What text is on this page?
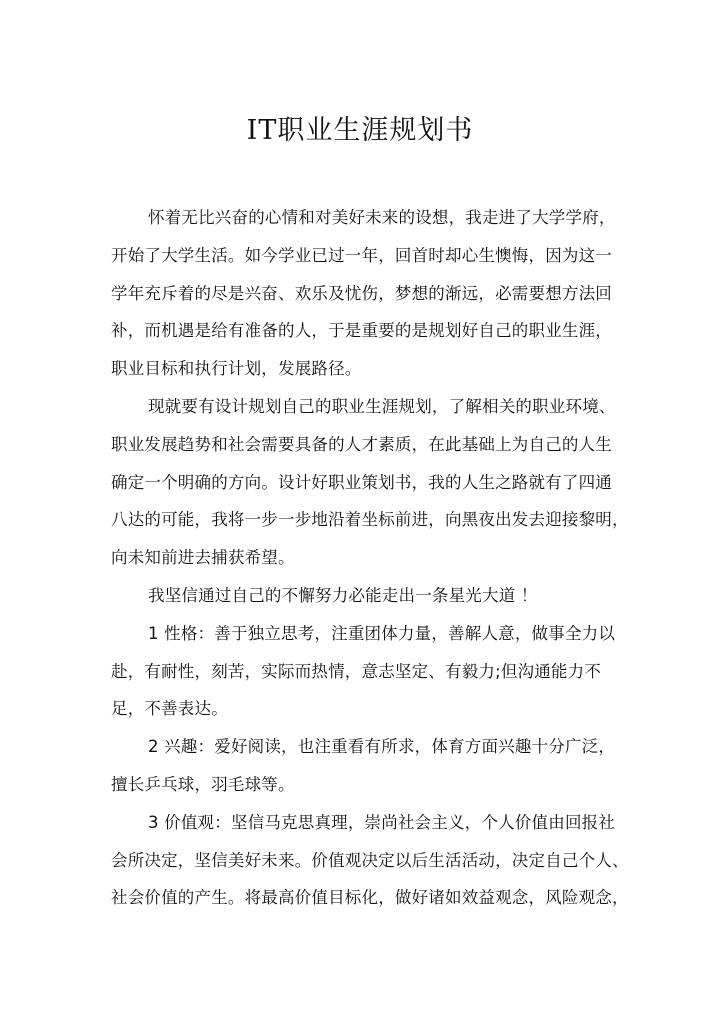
IT职业生涯规划书
怀着无比兴奋的心情和对美好未来的设想，我走进了大学学府，
开始了大学生活。如今学业已过一年，回首时却心生懊悔，因为这一
学年充斥着的尽是兴奋、欢乐及忧伤，梦想的渐远，必需要想方法回
补，而机遇是给有准备的人，于是重要的是规划好自己的职业生涯，
职业目标和执行计划，发展路径。
现就要有设计规划自己的职业生涯规划，了解相关的职业环境、
职业发展趋势和社会需要具备的人才素质，在此基础上为自己的人生
确定一个明确的方向。设计好职业策划书，我的人生之路就有了四通
八达的可能，我将一步一步地沿着坐标前进，向黑夜出发去迎接黎明，
向未知前进去捕获希望。
我坚信通过自己的不懈努力必能走出一条星光大道 ！
1 性格：善于独立思考，注重团体力量，善解人意，做事全力以
赴，有耐性，刻苦，实际而热情，意志坚定、有毅力;但沟通能力不
足，不善表达。
2 兴趣：爱好阅读，也注重看有所求，体育方面兴趣十分广泛，
擅长乒乓球，羽毛球等。
3 价值观：坚信马克思真理，崇尚社会主义，个人价值由回报社
会所决定，坚信美好未来。价值观决定以后生活活动，决定自己个人、
社会价值的产生。将最高价值目标化，做好诸如效益观念，风险观念，
